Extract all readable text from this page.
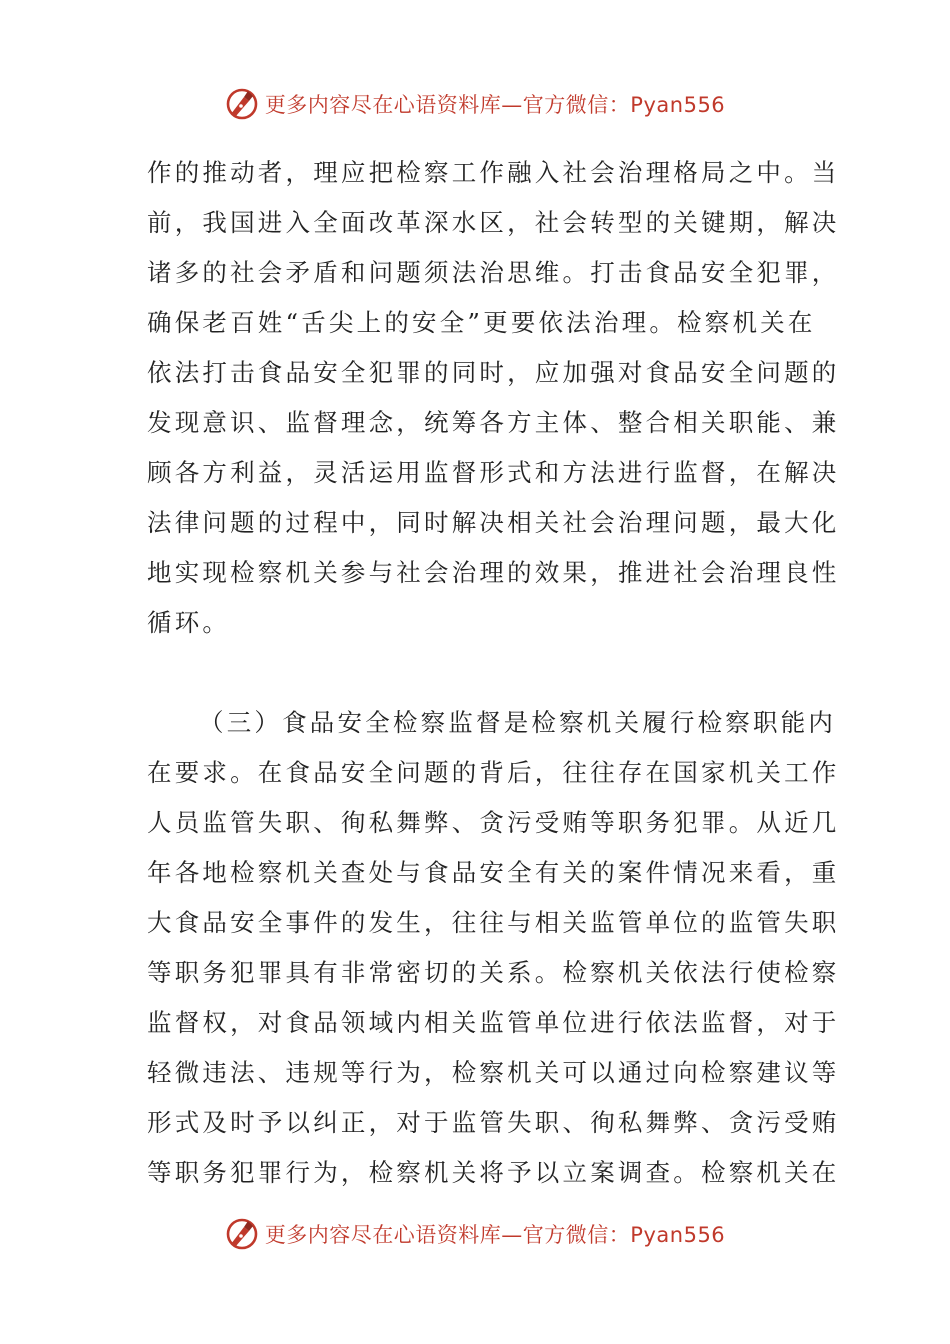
更多内容尽在心语资料库—官方微信：Pyan556
作的推动者，理应把检察工作融入社会治理格局之中。当
前，我国进入全面改革深水区，社会转型的关键期，解决
诸多的社会矛盾和问题须法治思维。打击食品安全犯罪，
确保老百姓“舌尖上的安全”更要依法治理。检察机关在
依法打击食品安全犯罪的同时，应加强对食品安全问题的
发现意识、监督理念，统筹各方主体、整合相关职能、兼
顾各方利益，灵活运用监督形式和方法进行监督，在解决
法律问题的过程中，同时解决相关社会治理问题，最大化
地实现检察机关参与社会治理的效果，推进社会治理良性
循环。
（三）食品安全检察监督是检察机关履行检察职能内
在要求。在食品安全问题的背后，往往存在国家机关工作
人员监管失职、徇私舞弊、贪污受贿等职务犯罪。从近几
年各地检察机关查处与食品安全有关的案件情况来看，重
大食品安全事件的发生，往往与相关监管单位的监管失职
等职务犯罪具有非常密切的关系。检察机关依法行使检察
监督权，对食品领域内相关监管单位进行依法监督，对于
轻微违法、违规等行为，检察机关可以通过向检察建议等
形式及时予以纠正，对于监管失职、徇私舞弊、贪污受贿
等职务犯罪行为，检察机关将予以立案调查。检察机关在
更多内容尽在心语资料库—官方微信：Pyan556
